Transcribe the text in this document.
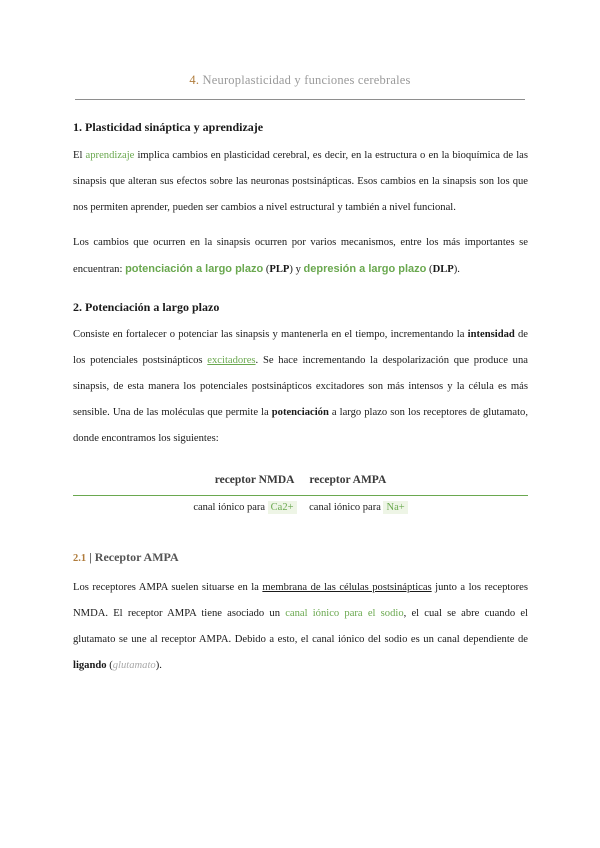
4. Neuroplasticidad y funciones cerebrales
1. Plasticidad sináptica y aprendizaje

El aprendizaje implica cambios en plasticidad cerebral, es decir, en la estructura o en la bioquímica de las sinapsis que alteran sus efectos sobre las neuronas postsinápticas. Esos cambios en la sinapsis son los que nos permiten aprender, pueden ser cambios a nivel estructural y también a nivel funcional.

Los cambios que ocurren en la sinapsis ocurren por varios mecanismos, entre los más importantes se encuentran: potenciación a largo plazo (PLP) y depresión a largo plazo (DLP).

2. Potenciación a largo plazo

Consiste en fortalecer o potenciar las sinapsis y mantenerla en el tiempo, incrementando la intensidad de los potenciales postsinápticos excitadores. Se hace incrementando la despolarización que produce una sinapsis, de esta manera los potenciales postsinápticos excitadores son más intensos y la célula es más sensible. Una de las moléculas que permite la potenciación a largo plazo son los receptores de glutamato, donde encontramos los siguientes:

receptor NMDA receptor AMPA
canal iónico para Ca2+ canal iónico para Na+
2.1 | Receptor AMPA

Los receptores AMPA suelen situarse en la membrana de las células postsinápticas junto a los receptores NMDA. El receptor AMPA tiene asociado un canal iónico para el sodio, el cual se abre cuando el glutamato se une al receptor AMPA. Debido a esto, el canal iónico del sodio es un canal dependiente de ligando (glutamato).
